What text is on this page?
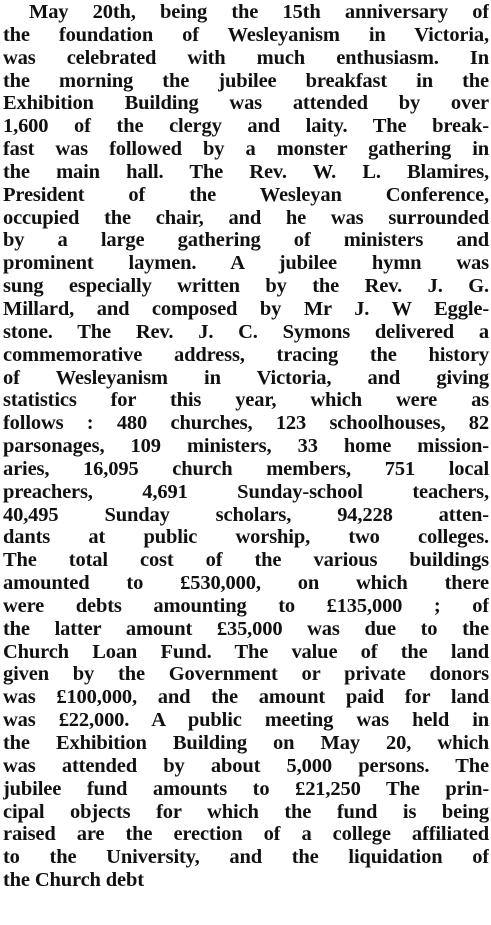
May 20th, being the 15th anniversary of
the foundation of Wesleyanism in Victoria,
was celebrated with much enthusiasm. In
the morning the jubilee breakfast in the
Exhibition Building was attended by over
1,600 of the clergy and laity. The break-
fast was followed by a monster gathering in
the main hall. The Rev. W. L. Blamires,
President of the Wesleyan Conference,
occupied the chair, and he was surrounded
by a large gathering of ministers and
prominent laymen. A jubilee hymn was
sung especially written by the Rev. J. G.
Millard, and composed by Mr J. W Eggle-
stone. The Rev. J. C. Symons delivered a
commemorative address, tracing the history
of Wesleyanism in Victoria, and giving
statistics for this year, which were as
follows : 480 churches, 123 schoolhouses, 82
parsonages, 109 ministers, 33 home mission-
aries, 16,095 church members, 751 local
preachers, 4,691 Sunday-school teachers,
40,495 Sunday scholars, 94,228 atten-
dants at public worship, two colleges.
The total cost of the various buildings
amounted to £530,000, on which there
were debts amounting to £135,000 ; of
the latter amount £35,000 was due to the
Church Loan Fund. The value of the land
given by the Government or private donors
was £100,000, and the amount paid for land
was £22,000. A public meeting was held in
the Exhibition Building on May 20, which
was attended by about 5,000 persons. The
jubilee fund amounts to £21,250 The prin-
cipal objects for which the fund is being
raised are the erection of a college affiliated
to the University, and the liquidation of
the Church debt
